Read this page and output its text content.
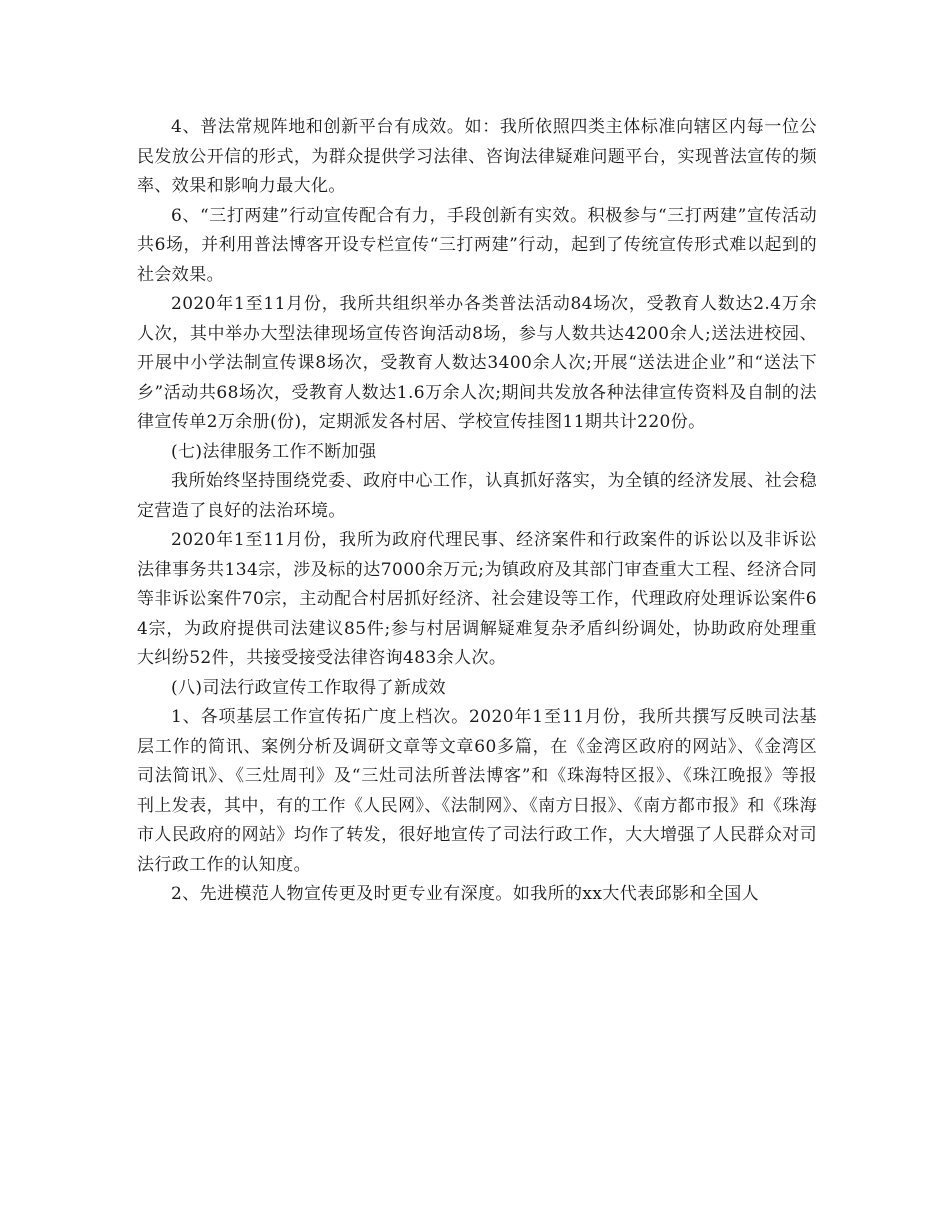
4、普法常规阵地和创新平台有成效。如：我所依照四类主体标准向辖区内每一位公民发放公开信的形式，为群众提供学习法律、咨询法律疑难问题平台，实现普法宣传的频率、效果和影响力最大化。

6、“三打两建”行动宣传配合有力，手段创新有实效。积极参与“三打两建”宣传活动共6场，并利用普法博客开设专栏宣传“三打两建”行动，起到了传统宣传形式难以起到的社会效果。

2020年1至11月份，我所共组织举办各类普法活动84场次，受教育人数达2.4万余人次，其中举办大型法律现场宣传咨询活动8场，参与人数共达4200余人;送法进校园、开展中小学法制宣传课8场次，受教育人数达3400余人次;开展“送法进企业”和“送法下乡”活动共68场次，受教育人数达1.6万余人次;期间共发放各种法律宣传资料及自制的法律宣传单2万余册(份)，定期派发各村居、学校宣传挂图11期共计220份。

(七)法律服务工作不断加强

我所始终坚持围绕党委、政府中心工作，认真抓好落实，为全镇的经济发展、社会稳定营造了良好的法治环境。

2020年1至11月份，我所为政府代理民事、经济案件和行政案件的诉讼以及非诉讼法律事务共134宗，涉及标的达7000余万元;为镇政府及其部门审查重大工程、经济合同等非诉讼案件70宗，主动配合村居抓好经济、社会建设等工作，代理政府处理诉讼案件64宗，为政府提供司法建议85件;参与村居调解疑难复杂矛盾纠纷调处，协助政府处理重大纠纷52件，共接受接受法律咨询483余人次。

(八)司法行政宣传工作取得了新成效

1、各项基层工作宣传拓广度上档次。2020年1至11月份，我所共撰写反映司法基层工作的简讯、案例分析及调研文章等文章60多篇，在《金湾区政府的网站》、《金湾区司法简讯》、《三灶周刊》及“三灶司法所普法博客”和《珠海特区报》、《珠江晚报》等报刊上发表，其中，有的工作《人民网》、《法制网》、《南方日报》、《南方都市报》和《珠海市人民政府的网站》均作了转发，很好地宣传了司法行政工作，大大增强了人民群众对司法行政工作的认知度。

2、先进模范人物宣传更及时更专业有深度。如我所的xx大代表邱影和全国人
